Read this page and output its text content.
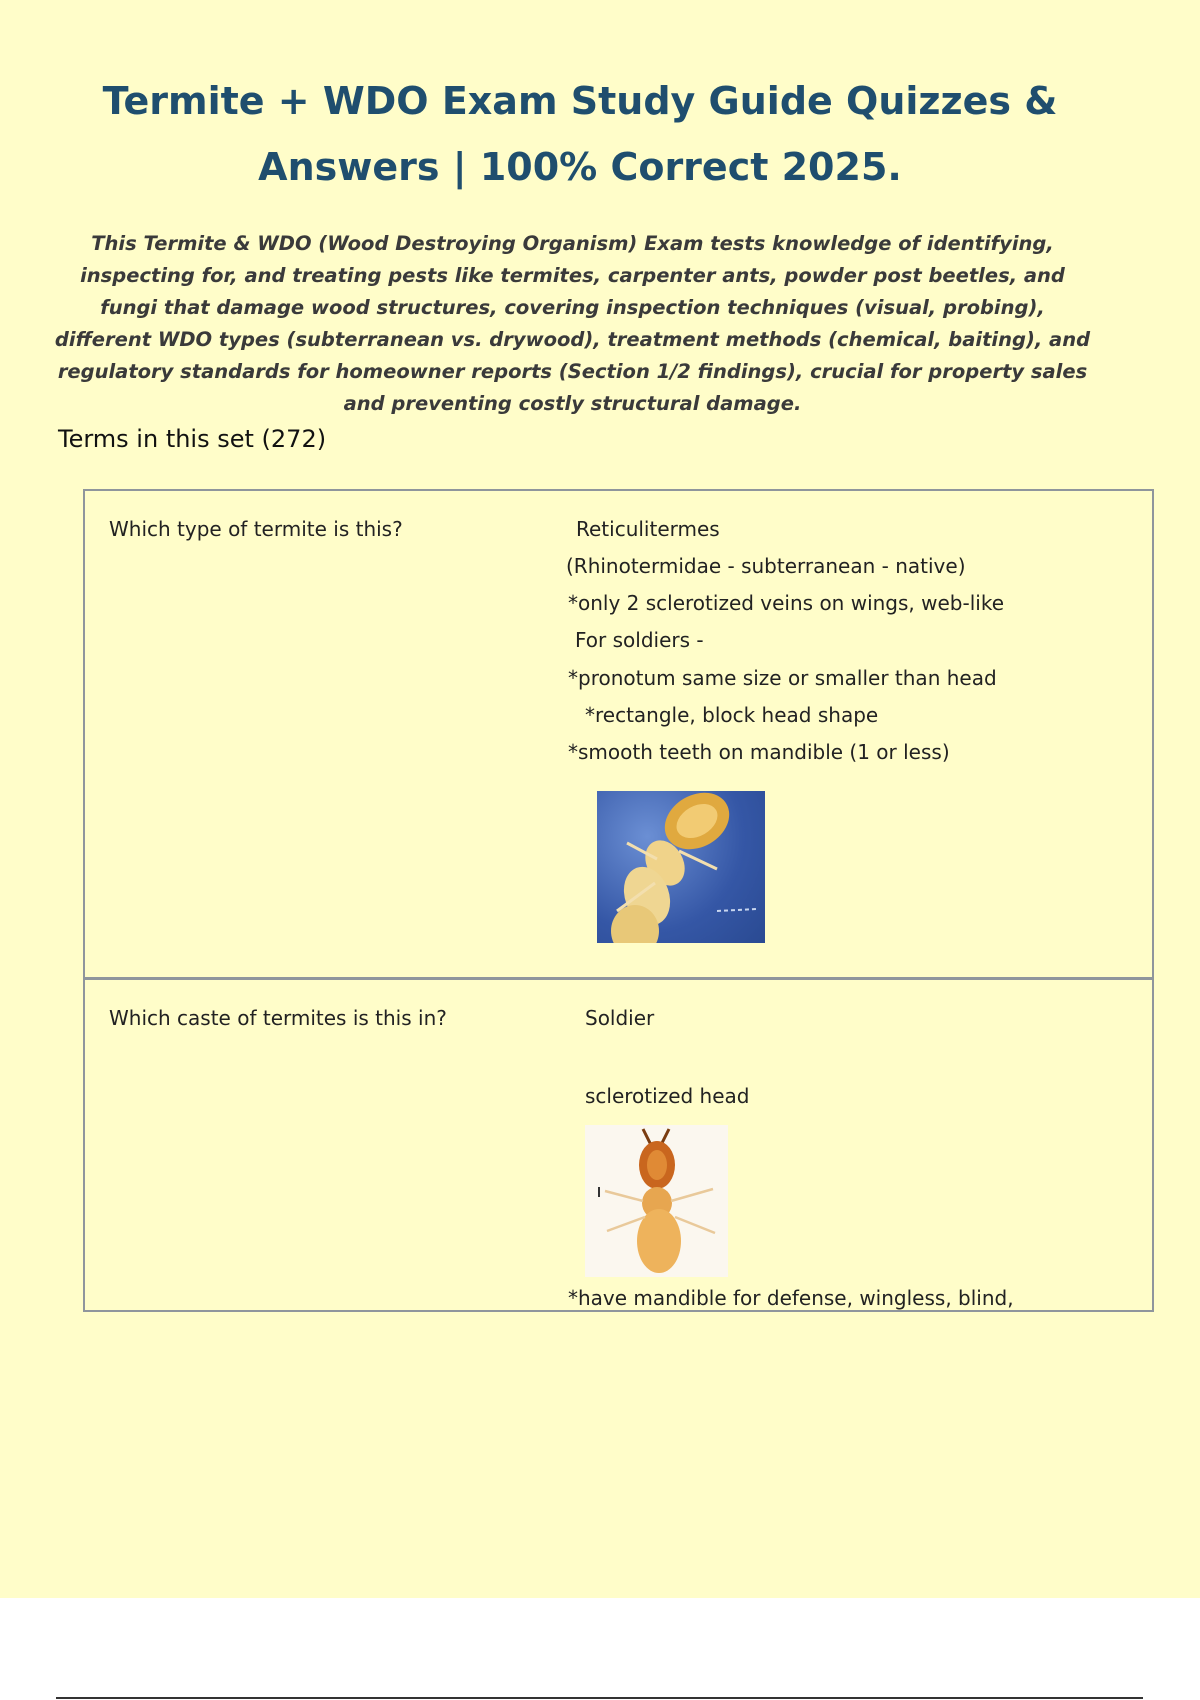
Termite + WDO Exam Study Guide Quizzes &
Answers | 100% Correct 2025.

This Termite & WDO (Wood Destroying Organism) Exam tests knowledge of identifying, inspecting for, and treating pests like termites, carpenter ants, powder post beetles, and fungi that damage wood structures, covering inspection techniques (visual, probing), different WDO types (subterranean vs. drywood), treatment methods (chemical, baiting), and regulatory standards for homeowner reports (Section 1/2 findings), crucial for property sales and preventing costly structural damage.

Terms in this set (272)

Which type of termite is this?	Reticulitermes
(Rhinotermidae - subterranean - native)
*only 2 sclerotized veins on wings, web-like
For soldiers -
*pronotum same size or smaller than head
*rectangle, block head shape
*smooth teeth on mandible (1 or less)
Which caste of termites is this in?	Soldier
sclerotized head
*have mandible for defense, wingless, blind,
